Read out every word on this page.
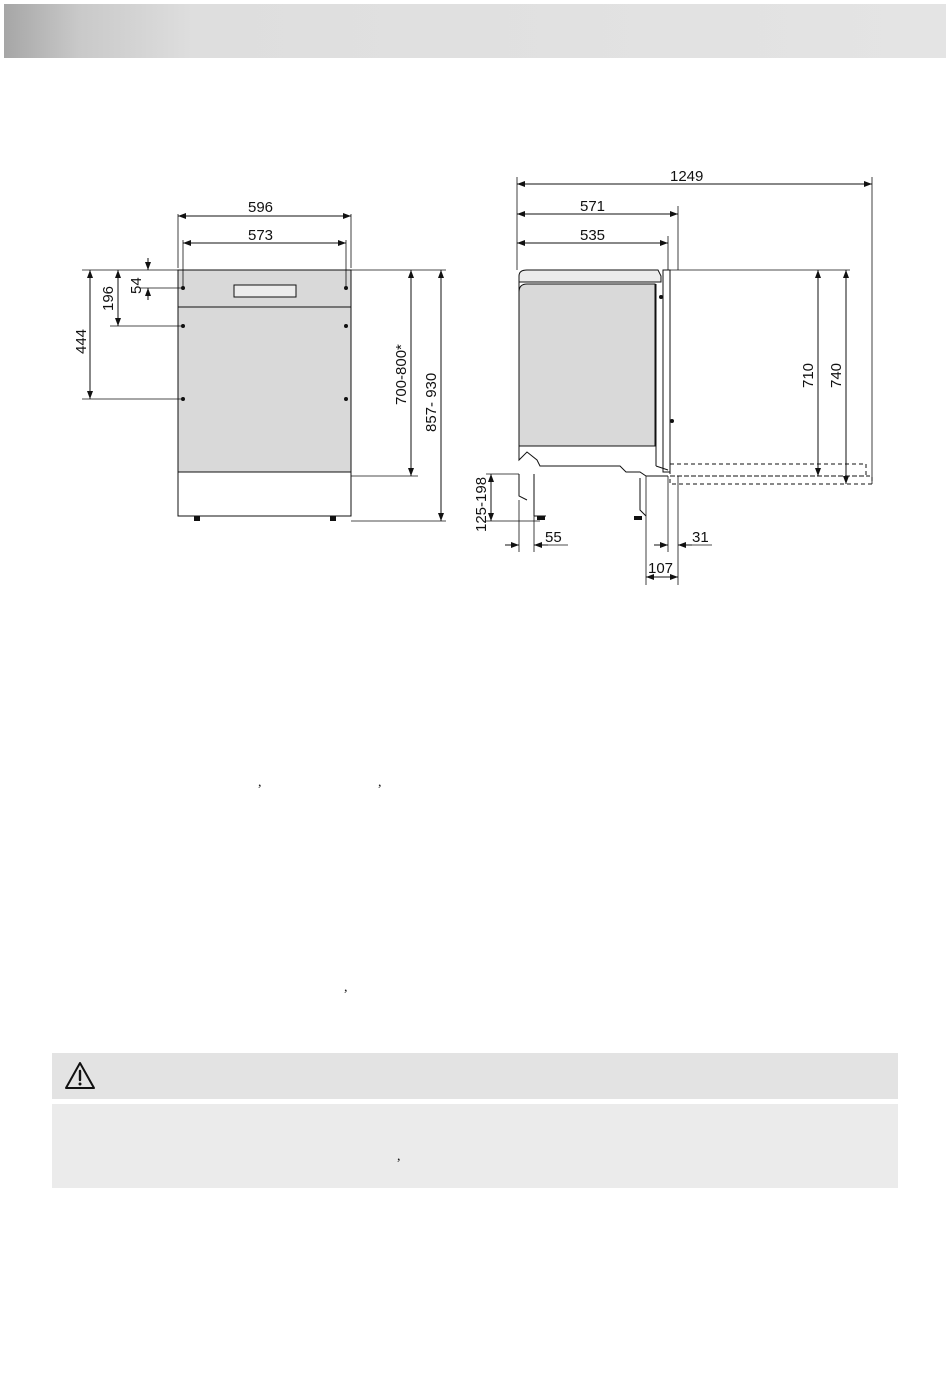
596
573
54
196
444
700-800* 857- 930
1249
571
535
710 740
125-198
55	31
107
,	,
,
,
